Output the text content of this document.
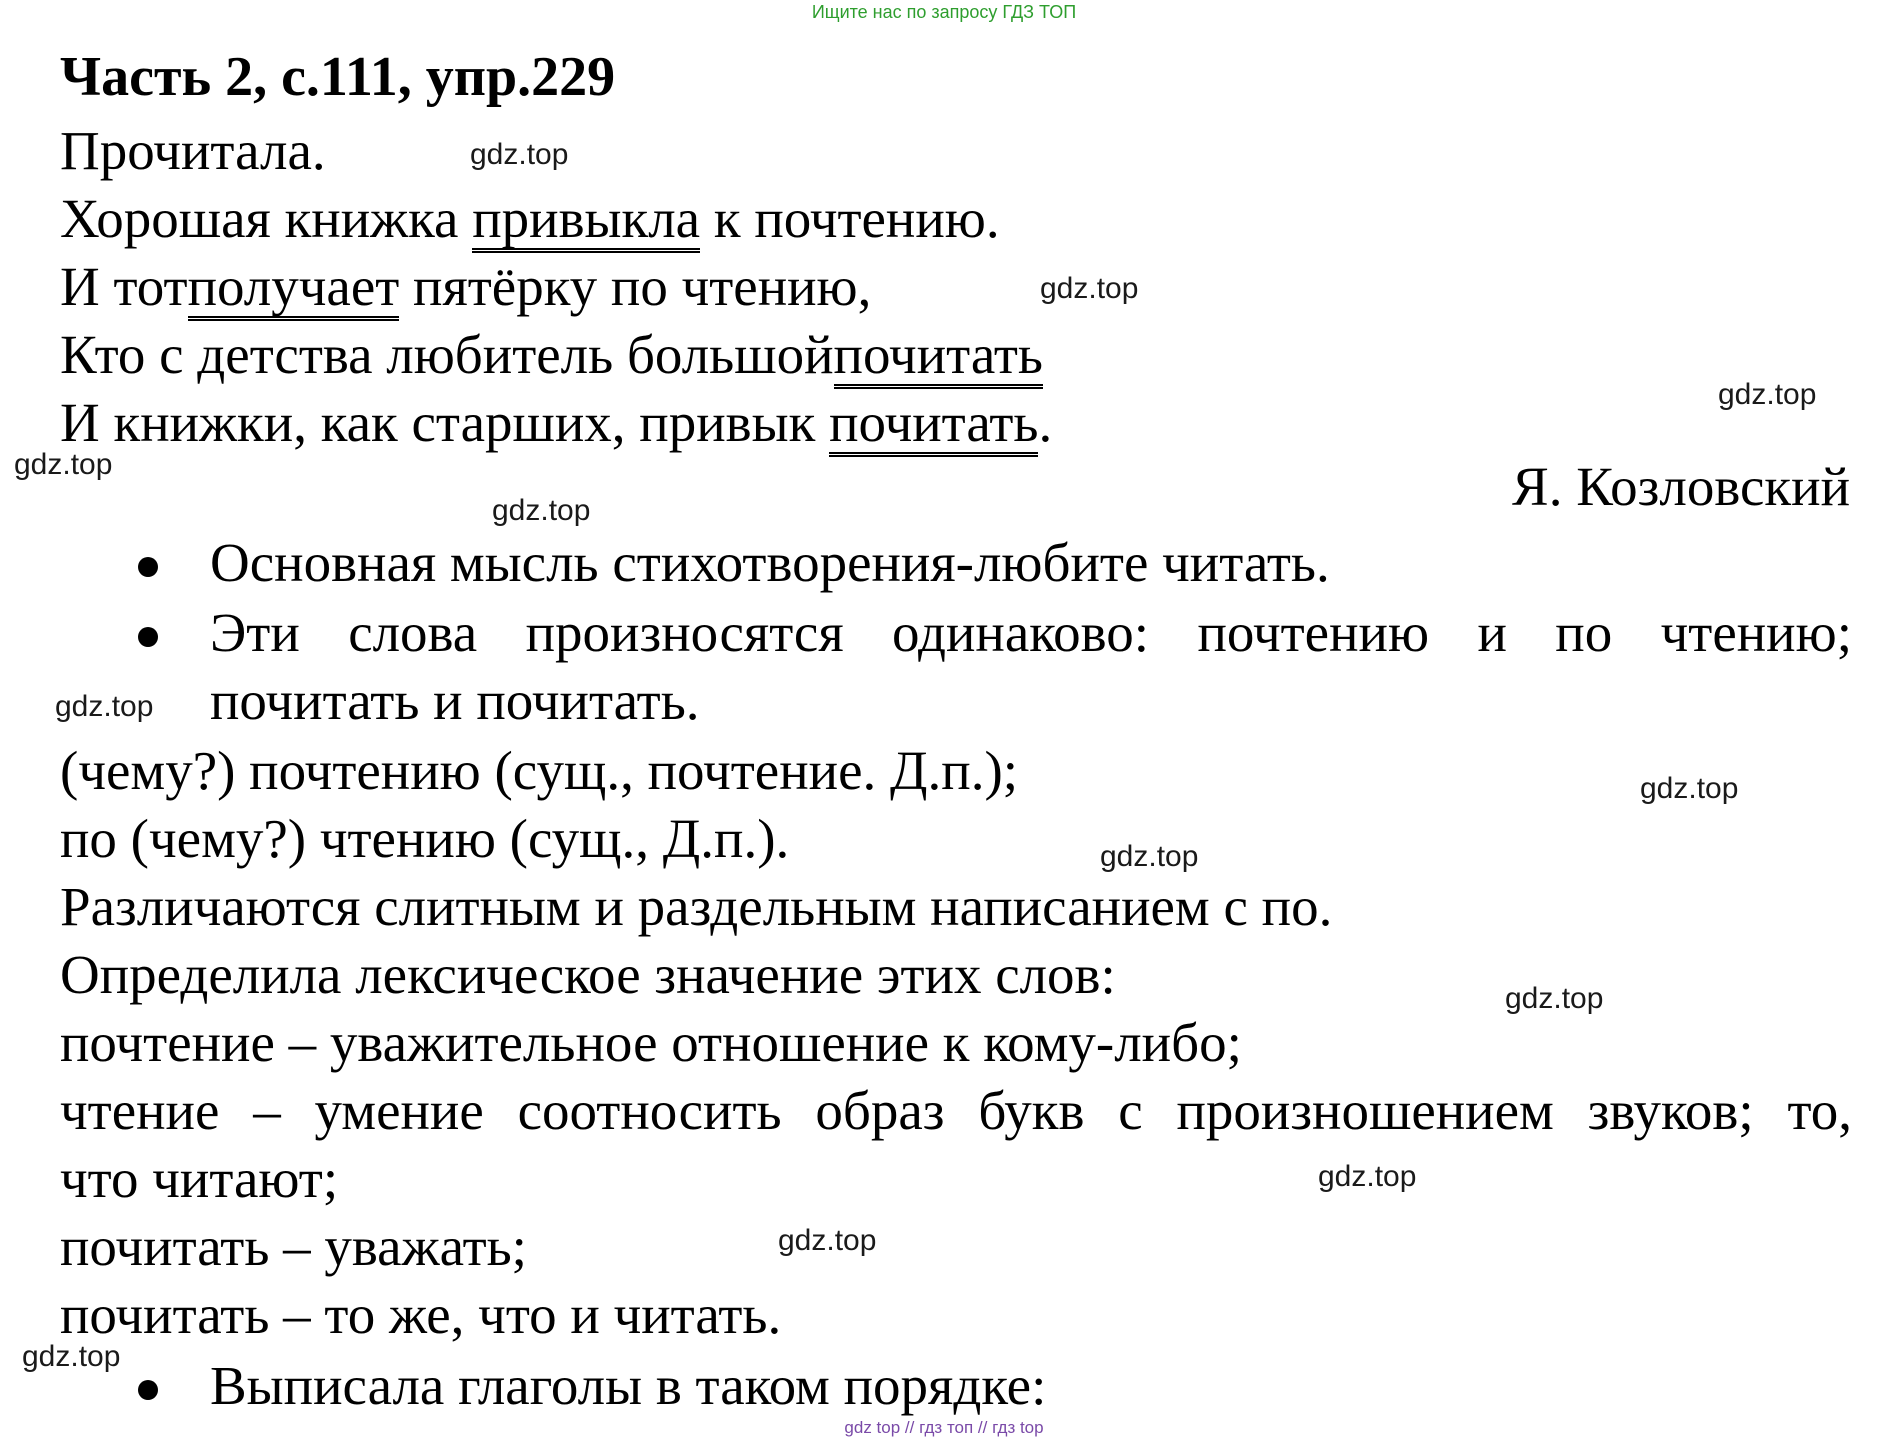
Ищите нас по запросу ГДЗ ТОП
Часть 2, с.111, упр.229
Прочитала.
Хорошая книжка привыкла к почтению.
И тотполучает пятёрку по чтению,
Кто с детства любитель большойпочитать
И книжки, как старших, привык почитать.
Я. Козловский
Основная мысль стихотворения-любите читать.
Эти слова произносятся одинаково: почтению и по чтению;
почитать и почитать.
(чему?) почтению (сущ., почтение. Д.п.);
по (чему?) чтению (сущ., Д.п.).
Различаются слитным и раздельным написанием с по.
Определила лексическое значение этих слов:
почтение – уважительное отношение к кому-либо;
чтение – умение соотносить образ букв с произношением звуков; то,
что читают;
почитать – уважать;
почитать – то же, что и читать.
Выписала глаголы в таком порядке:
gdz.top
gdz.top
gdz.top
gdz.top
gdz.top
gdz.top
gdz.top
gdz.top
gdz.top
gdz.top
gdz.top
gdz.top
gdz top // гдз топ // гдз top
